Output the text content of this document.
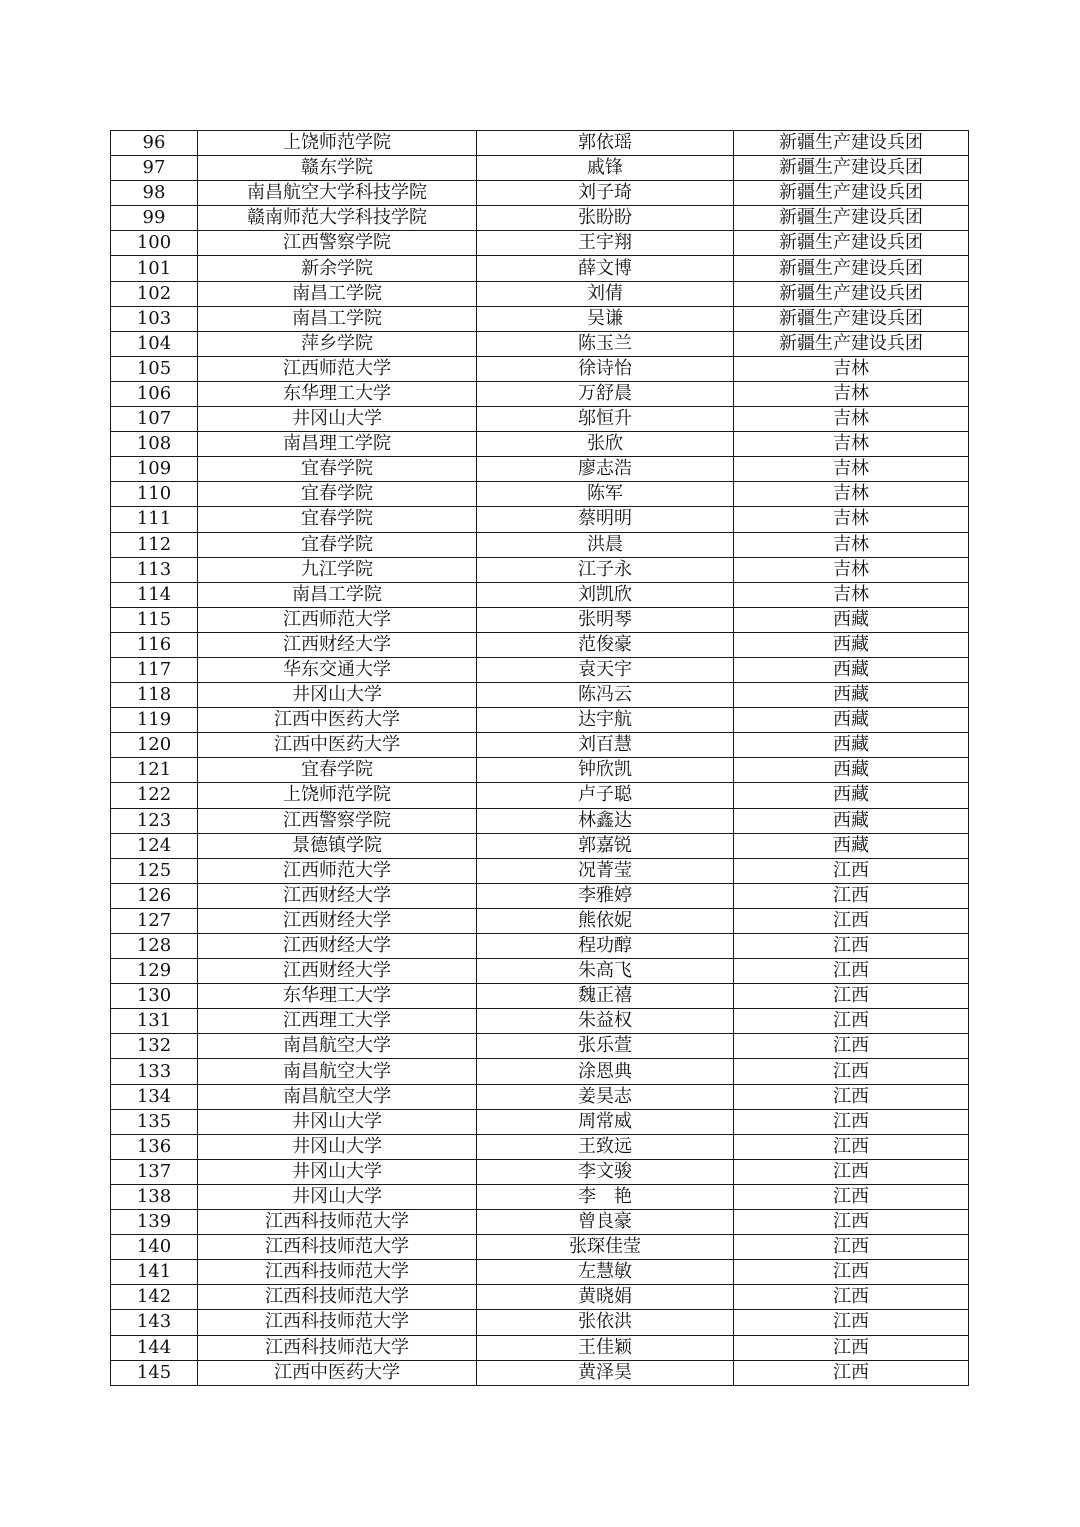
96	上饶师范学院	郭依瑶	新疆生产建设兵团
97	赣东学院	戚锋	新疆生产建设兵团
98	南昌航空大学科技学院	刘子琦	新疆生产建设兵团
99	赣南师范大学科技学院	张盼盼	新疆生产建设兵团
100	江西警察学院	王宇翔	新疆生产建设兵团
101	新余学院	薛文博	新疆生产建设兵团
102	南昌工学院	刘倩	新疆生产建设兵团
103	南昌工学院	吴谦	新疆生产建设兵团
104	萍乡学院	陈玉兰	新疆生产建设兵团
105	江西师范大学	徐诗怡	吉林
106	东华理工大学	万舒晨	吉林
107	井冈山大学	邬恒升	吉林
108	南昌理工学院	张欣	吉林
109	宜春学院	廖志浩	吉林
110	宜春学院	陈军	吉林
111	宜春学院	蔡明明	吉林
112	宜春学院	洪晨	吉林
113	九江学院	江子永	吉林
114	南昌工学院	刘凯欣	吉林
115	江西师范大学	张明琴	西藏
116	江西财经大学	范俊豪	西藏
117	华东交通大学	袁天宇	西藏
118	井冈山大学	陈冯云	西藏
119	江西中医药大学	达宇航	西藏
120	江西中医药大学	刘百慧	西藏
121	宜春学院	钟欣凯	西藏
122	上饶师范学院	卢子聪	西藏
123	江西警察学院	林鑫达	西藏
124	景德镇学院	郭嘉锐	西藏
125	江西师范大学	况菁莹	江西
126	江西财经大学	李雅婷	江西
127	江西财经大学	熊依妮	江西
128	江西财经大学	程功醇	江西
129	江西财经大学	朱高飞	江西
130	东华理工大学	魏正禧	江西
131	江西理工大学	朱益权	江西
132	南昌航空大学	张乐萱	江西
133	南昌航空大学	涂恩典	江西
134	南昌航空大学	姜昊志	江西
135	井冈山大学	周常威	江西
136	井冈山大学	王致远	江西
137	井冈山大学	李文骏	江西
138	井冈山大学	李　艳	江西
139	江西科技师范大学	曾良豪	江西
140	江西科技师范大学	张琛佳莹	江西
141	江西科技师范大学	左慧敏	江西
142	江西科技师范大学	黄晓娟	江西
143	江西科技师范大学	张依洪	江西
144	江西科技师范大学	王佳颖	江西
145	江西中医药大学	黄泽昊	江西
